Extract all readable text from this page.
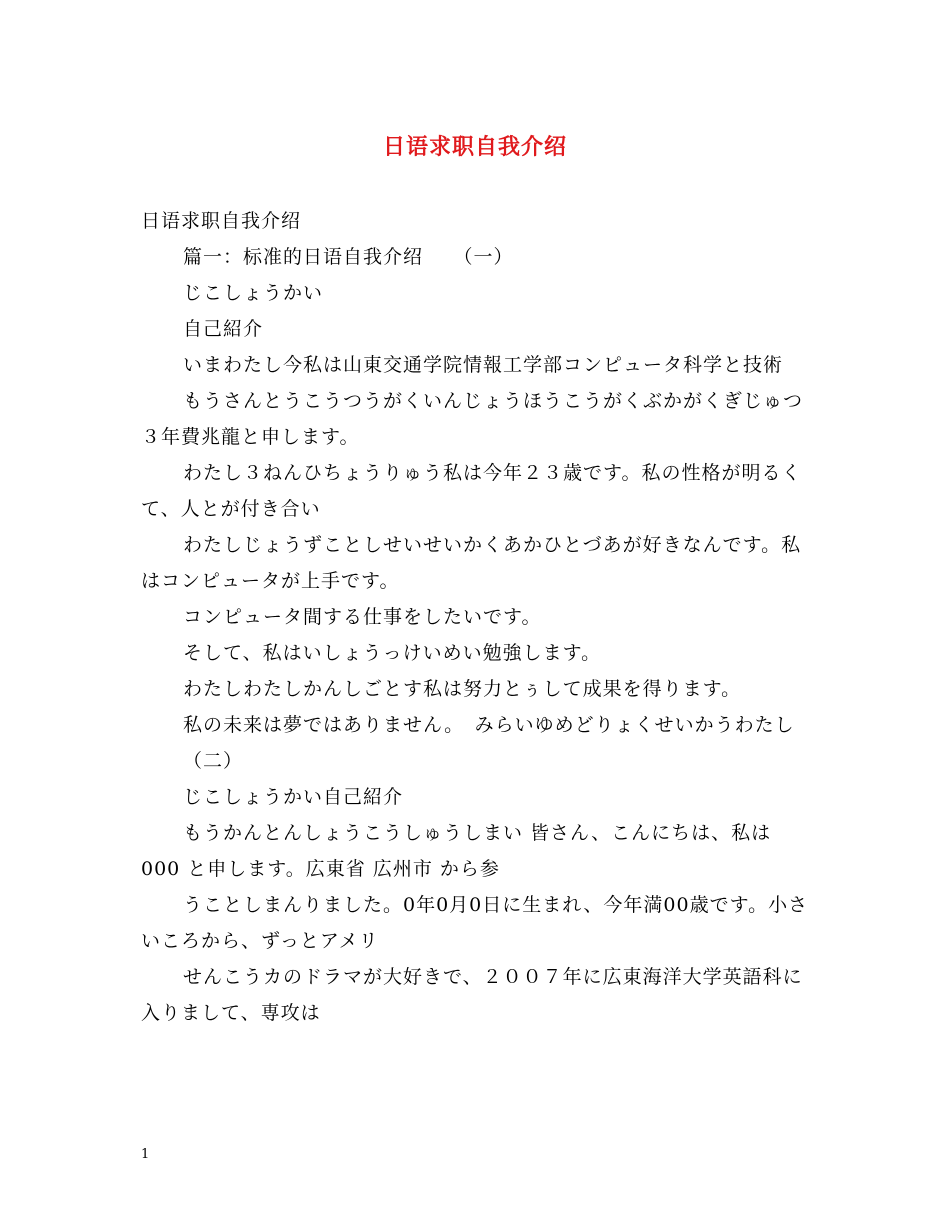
日语求职自我介绍

日语求职自我介绍

篇一：标准的日语自我介绍　　（一）

じこしょうかい

自己紹介

いまわたし今私は山東交通学院情報工学部コンピュータ科学と技術

もうさんとうこうつうがくいんじょうほうこうがくぶかがくぎじゅつ３年費兆龍と申します。

わたし３ねんひちょうりゅう私は今年２３歳です。私の性格が明るくて、人とが付き合い

わたしじょうずことしせいせいかくあかひとづあが好きなんです。私はコンピュータが上手です。

コンピュータ間する仕事をしたいです。

そして、私はいしょうっけいめい勉強します。

わたしわたしかんしごとす私は努力とぅして成果を得ります。

私の未来は夢ではありません。　みらいゆめどりょくせいかうわたし

（二）

じこしょうかい自己紹介

もうかんとんしょうこうしゅうしまい 皆さん、こんにちは、私は 000 と申します。広東省 広州市 から参

うことしまんりました。0年0月0日に生まれ、今年満00歳です。小さいころから、ずっとアメリ

せんこうカのドラマが大好きで、２００７年に広東海洋大学英語科に入りまして、専攻は

1
